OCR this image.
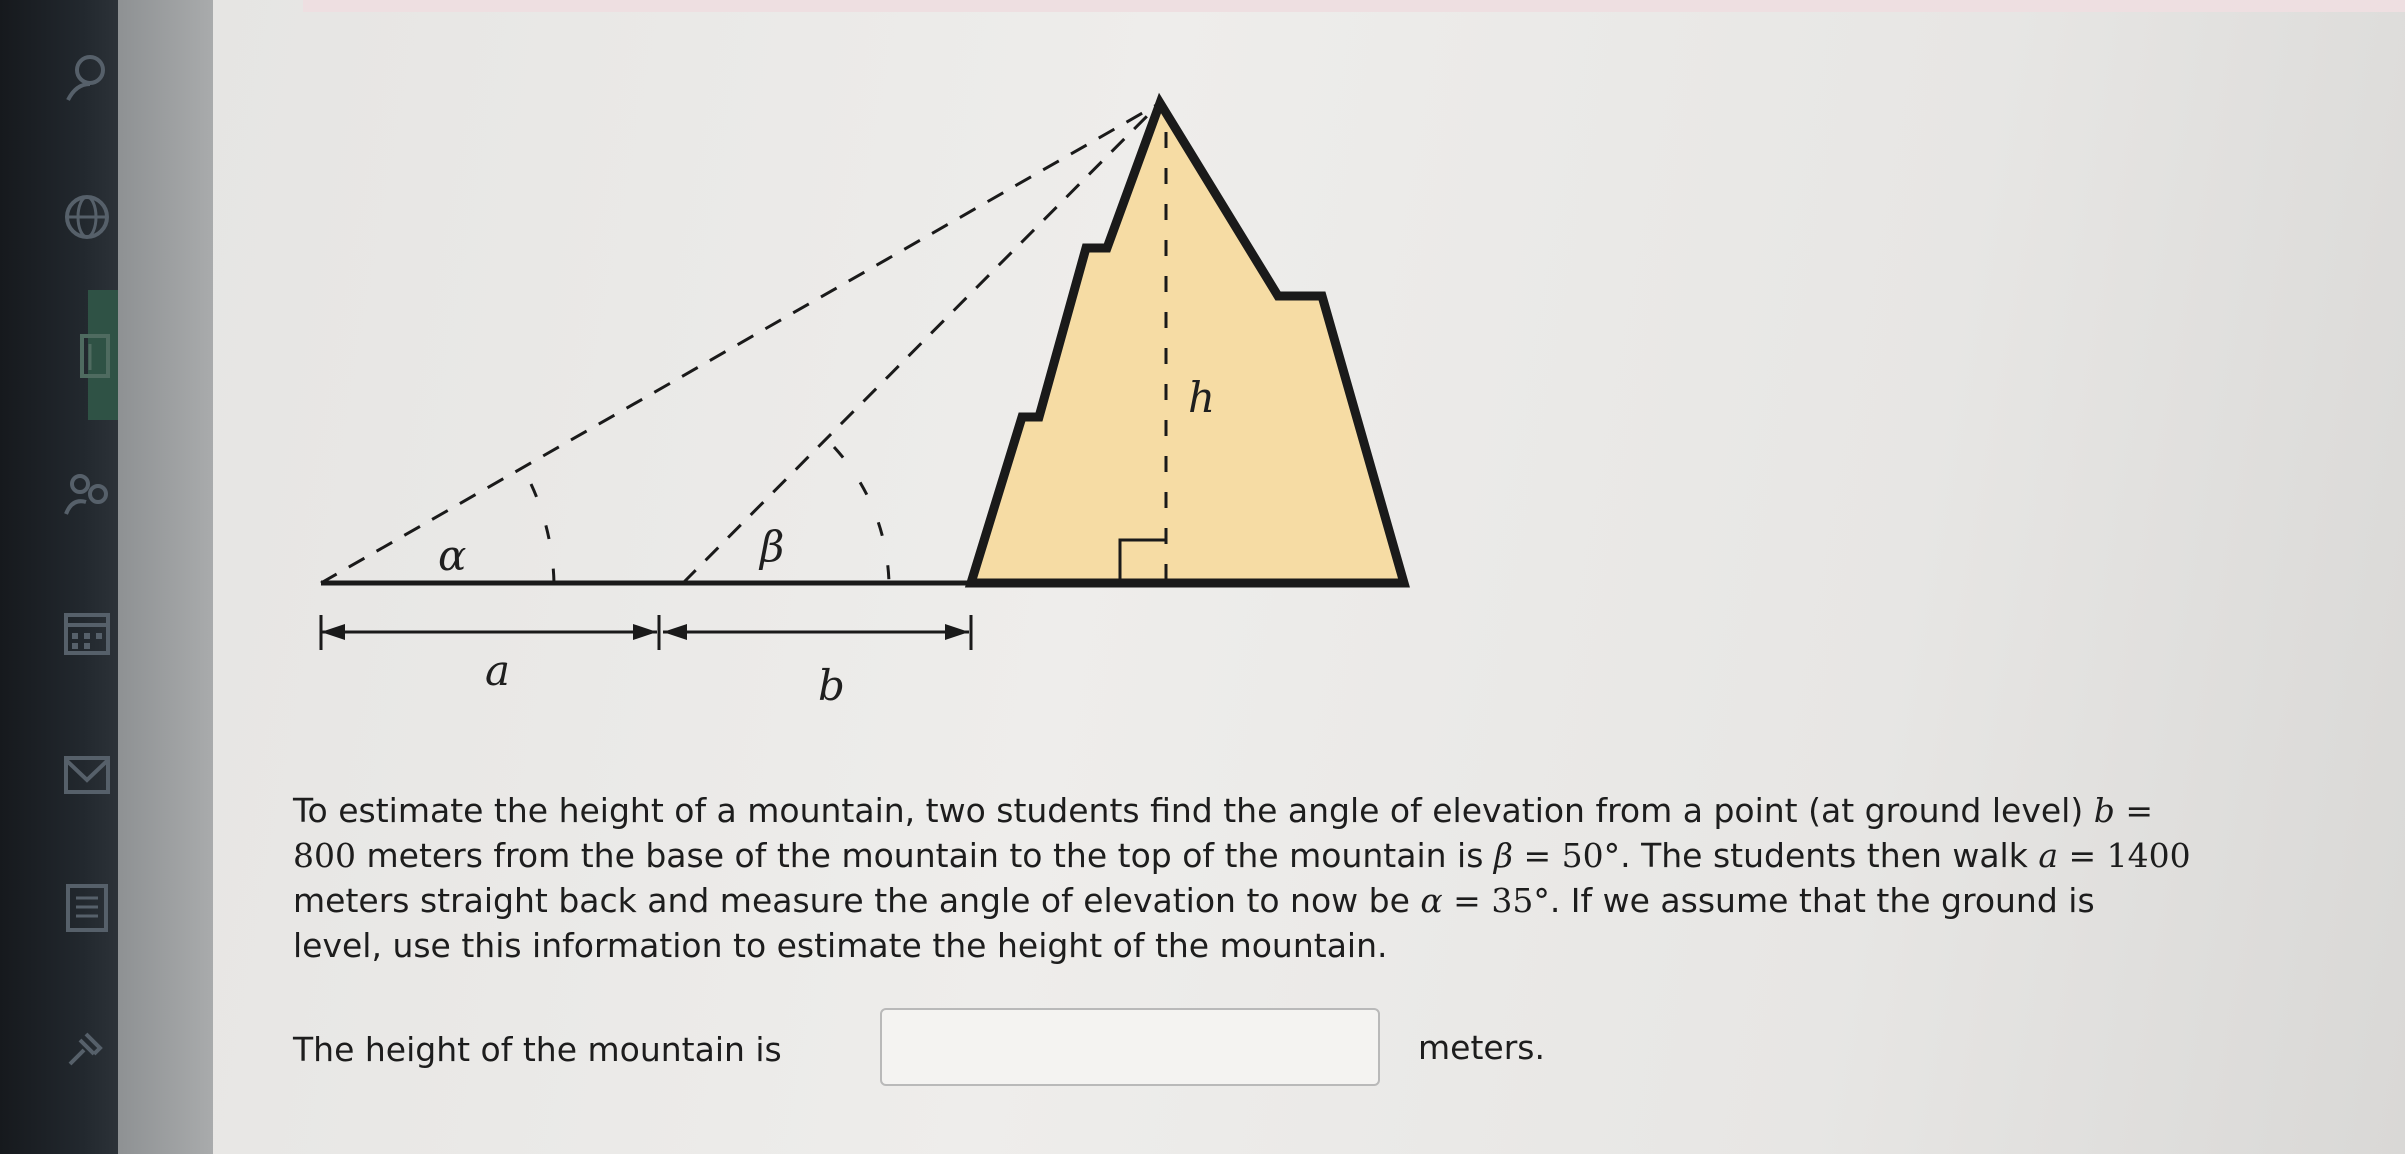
α	β
h
a	b

To estimate the height of a mountain, two students find the angle of elevation from a point (at ground level) b = 800 meters from the base of the mountain to the top of the mountain is β = 50°. The students then walk a = 1400 meters straight back and measure the angle of elevation to now be α = 35°. If we assume that the ground is level, use this information to estimate the height of the mountain.

The height of the mountain is	meters.
